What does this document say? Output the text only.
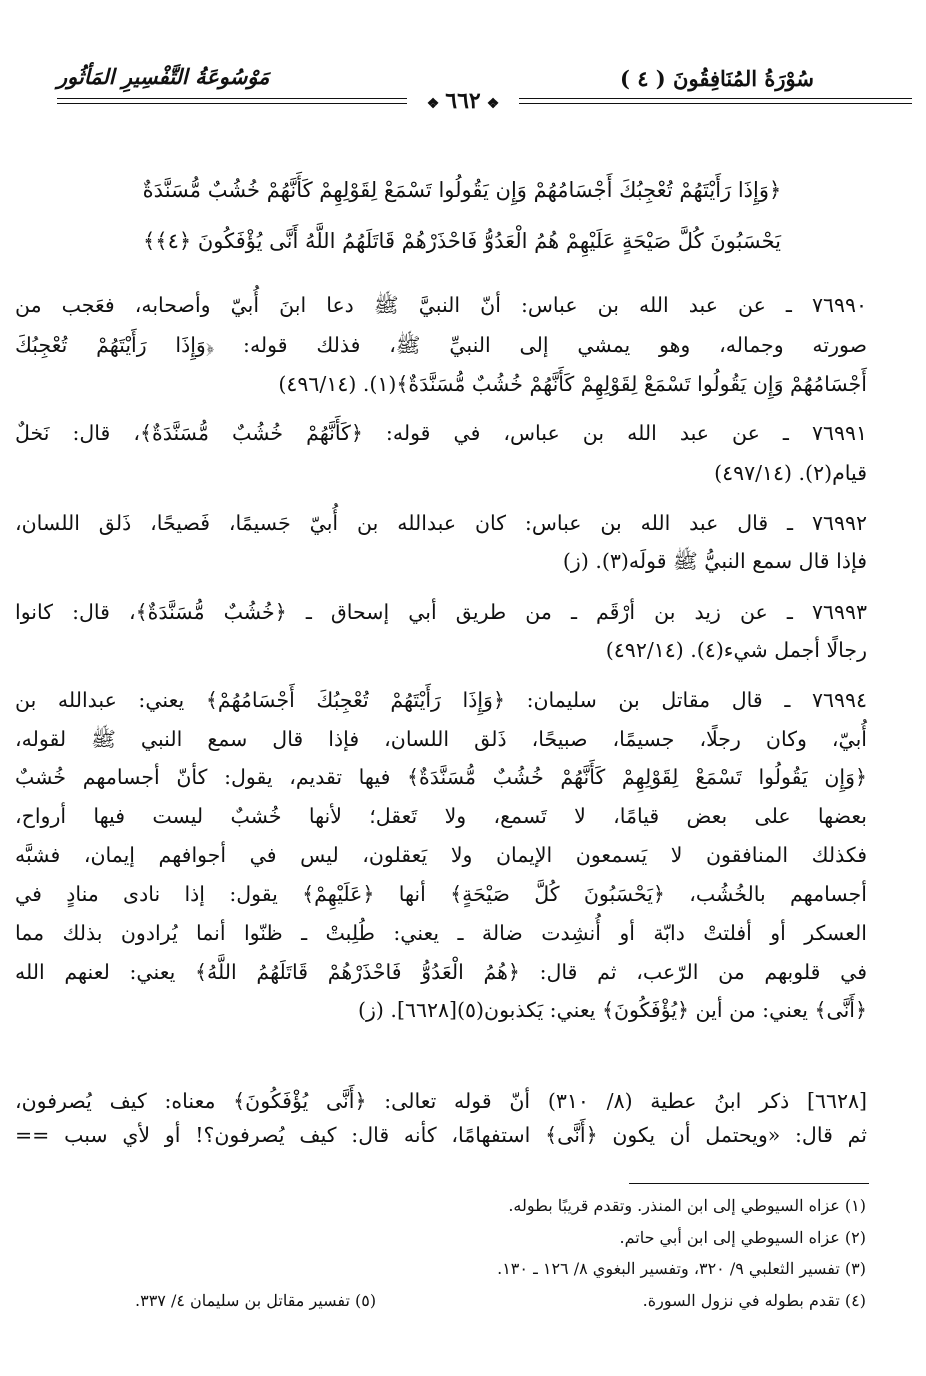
سُوْرَةُ المُنَافِقُونَ ( ٤ )
مَوْسُوعَةُ التَّفْسِيرِ المَأثُور
❖٦٦٢❖
﴿وَإِذَا رَأَيْتَهُمْ تُعْجِبُكَ أَجْسَامُهُمْ وَإِن يَقُولُوا تَسْمَعْ لِقَوْلِهِمْ كَأَنَّهُمْ خُشُبٌ مُّسَنَّدَةٌ
يَحْسَبُونَ كُلَّ صَيْحَةٍ عَلَيْهِمْ هُمُ الْعَدُوُّ فَاحْذَرْهُمْ قَاتَلَهُمُ اللَّهُ أَنَّى يُؤْفَكُونَ ﴿٤﴾﴾
٧٦٩٩٠ ـ عن عبد الله بن عباس: أنّ النبيَّ ﷺ دعا ابنَ أُبيّ وأصحابه، فعَجب من
صورته وجماله، وهو يمشي إلى النبيِّ ﷺ، فذلك قوله: ﴿وَإِذَا رَأَيْتَهُمْ تُعْجِبُكَ
أَجْسَامُهُمْ وَإِن يَقُولُوا تَسْمَعْ لِقَوْلِهِمْ كَأَنَّهُمْ خُشُبٌ مُّسَنَّدَةٌ﴾(١). (٤٩٦/١٤)
٧٦٩٩١ ـ عن عبد الله بن عباس، في قوله: ﴿كَأَنَّهُمْ خُشُبٌ مُّسَنَّدَةٌ﴾، قال: نَخلٌ
قيام(٢). (٤٩٧/١٤)
٧٦٩٩٢ ـ قال عبد الله بن عباس: كان عبدالله بن أُبيّ جَسيمًا، فَصيحًا، ذَلق اللسان،
فإذا قال سمع النبيُّ ﷺ قولَه(٣). (ز)
٧٦٩٩٣ ـ عن زيد بن أرْقَم ـ من طريق أبي إسحاق ـ ﴿خُشُبٌ مُّسَنَّدَةٌ﴾، قال: كانوا
رجالًا أجمل شيء(٤). (٤٩٢/١٤)
٧٦٩٩٤ ـ قال مقاتل بن سليمان: ﴿وَإِذَا رَأَيْتَهُمْ تُعْجِبُكَ أَجْسَامُهُمْ﴾ يعني: عبدالله بن
أُبيّ، وكان رجلًا، جسيمًا، صبيحًا، ذَلق اللسان، فإذا قال سمع النبي ﷺ لقوله،
﴿وَإِن يَقُولُوا تَسْمَعْ لِقَوْلِهِمْ كَأَنَّهُمْ خُشُبٌ مُّسَنَّدَةٌ﴾ فيها تقديم، يقول: كأنّ أجسامهم خُشبٌ
بعضها على بعض قيامًا، لا تَسمع، ولا تَعقل؛ لأنها خُشبٌ ليست فيها أرواح،
فكذلك المنافقون لا يَسمعون الإيمان ولا يَعقلون، ليس في أجوافهم إيمان، فشبَّه
أجسامهم بالخُشُب، ﴿يَحْسَبُونَ كُلَّ صَيْحَةٍ﴾ أنها ﴿عَلَيْهِمْ﴾ يقول: إذا نادى منادٍ في
العسكر أو أفلتتْ دابّة أو أُنشِدت ضالة ـ يعني: طُلِبتْ ـ ظنّوا أنما يُرادون بذلك مما
في قلوبهم من الرّعب، ثم قال: ﴿هُمُ الْعَدُوُّ فَاحْذَرْهُمْ قَاتَلَهُمُ اللَّهُ﴾ يعني: لعنهم الله
﴿أَنَّى﴾ يعني: من أين ﴿يُؤْفَكُونَ﴾ يعني: يَكذبون(٥)[٦٦٢٨]. (ز)
[٦٦٢٨] ذكر ابنُ عطية (٨/ ٣١٠) أنّ قوله تعالى: ﴿أَنَّى يُؤْفَكُونَ﴾ معناه: كيف يُصرفون،
ثم قال: «ويحتمل أن يكون ﴿أَنَّى﴾ استفهامًا، كأنه قال: كيف يُصرفون؟! أو لأي سبب ==
(١) عزاه السيوطي إلى ابن المنذر. وتقدم قريبًا بطوله.
(٢) عزاه السيوطي إلى ابن أبي حاتم.
(٣) تفسير الثعلبي ٩/ ٣٢٠، وتفسير البغوي ٨/ ١٢٦ ـ ١٣٠.
(٤) تقدم بطوله في نزول السورة.
(٥) تفسير مقاتل بن سليمان ٤/ ٣٣٧.
